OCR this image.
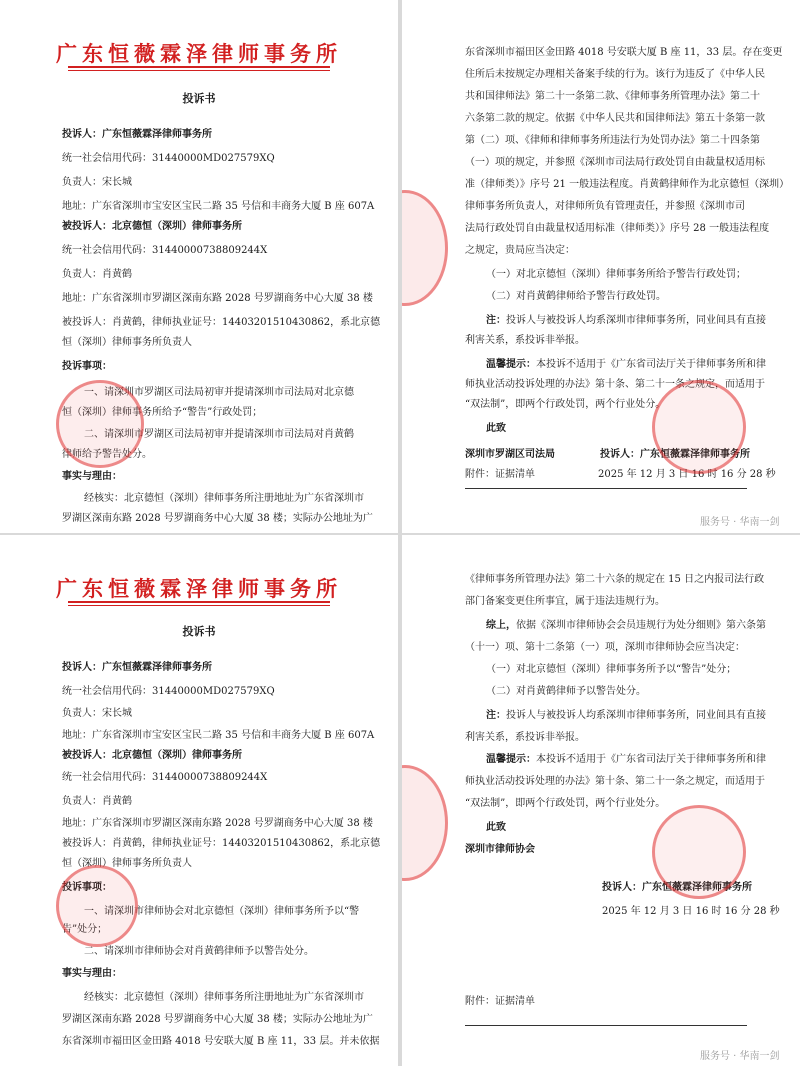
广东恒薇霖泽律师事务所
投诉书
投诉人：广东恒薇霖泽律师事务所
统一社会信用代码：31440000MD027579XQ
负责人：宋长城
地址：广东省深圳市宝安区宝民二路 35 号信和丰商务大厦 B 座 607A
被投诉人：北京德恒（深圳）律师事务所
统一社会信用代码：31440000738809244X
负责人：肖黄鹤
地址：广东省深圳市罗湖区深南东路 2028 号罗湖商务中心大厦 38 楼
被投诉人：肖黄鹤，律师执业证号：14403201510430862，系北京德
恒（深圳）律师事务所负责人
投诉事项：
一、请深圳市罗湖区司法局初审并提请深圳市司法局对北京德
恒（深圳）律师事务所给予“警告”行政处罚；
二、请深圳市罗湖区司法局初审并提请深圳市司法局对肖黄鹤
律师给予警告处分。
事实与理由：
经核实：北京德恒（深圳）律师事务所注册地址为广东省深圳市
罗湖区深南东路 2028 号罗湖商务中心大厦 38 楼；实际办公地址为广
东省深圳市福田区金田路 4018 号安联大厦 B 座 11，33 层。存在变更
住所后未按规定办理相关备案手续的行为。该行为违反了《中华人民
共和国律师法》第二十一条第二款、《律师事务所管理办法》第二十
六条第二款的规定。依据《中华人民共和国律师法》第五十条第一款
第（二）项、《律师和律师事务所违法行为处罚办法》第二十四条第
（一）项的规定，并参照《深圳市司法局行政处罚自由裁量权适用标
准（律师类）》序号 21 一般违法程度。肖黄鹤律师作为北京德恒（深圳）
律师事务所负责人，对律师所负有管理责任，并参照《深圳市司
法局行政处罚自由裁量权适用标准（律师类）》序号 28 一般违法程度
之规定，贵局应当决定：
（一）对北京德恒（深圳）律师事务所给予警告行政处罚；
（二）对肖黄鹤律师给予警告行政处罚。
注：投诉人与被投诉人均系深圳市律师事务所，同业间具有直接
利害关系，系投诉非举报。
温馨提示：本投诉不适用于《广东省司法厅关于律师事务所和律
师执业活动投诉处理的办法》第十条、第二十一条之规定，而适用于
“双法制”，即两个行政处罚，两个行业处分。
此致
深圳市罗湖区司法局	投诉人：广东恒薇霖泽律师事务所
附件：证据清单	2025 年 12 月 3 日 16 时 16 分 28 秒
服务号 · 华南一剑
广东恒薇霖泽律师事务所
投诉书
投诉人：广东恒薇霖泽律师事务所
统一社会信用代码：31440000MD027579XQ
负责人：宋长城
地址：广东省深圳市宝安区宝民二路 35 号信和丰商务大厦 B 座 607A
被投诉人：北京德恒（深圳）律师事务所
统一社会信用代码：31440000738809244X
负责人：肖黄鹤
地址：广东省深圳市罗湖区深南东路 2028 号罗湖商务中心大厦 38 楼
被投诉人：肖黄鹤，律师执业证号：14403201510430862，系北京德
恒（深圳）律师事务所负责人
投诉事项：
一、请深圳市律师协会对北京德恒（深圳）律师事务所予以“警
告”处分；
二、请深圳市律师协会对肖黄鹤律师予以警告处分。
事实与理由：
经核实：北京德恒（深圳）律师事务所注册地址为广东省深圳市
罗湖区深南东路 2028 号罗湖商务中心大厦 38 楼；实际办公地址为广
东省深圳市福田区金田路 4018 号安联大厦 B 座 11，33 层。并未依据
《律师事务所管理办法》第二十六条的规定在 15 日之内报司法行政
部门备案变更住所事宜，属于违法违规行为。
综上，依据《深圳市律师协会会员违规行为处分细则》第六条第
（十一）项、第十二条第（一）项，深圳市律师协会应当决定：
（一）对北京德恒（深圳）律师事务所予以“警告”处分；
（二）对肖黄鹤律师予以警告处分。
注：投诉人与被投诉人均系深圳市律师事务所，同业间具有直接
利害关系，系投诉非举报。
温馨提示：本投诉不适用于《广东省司法厅关于律师事务所和律
师执业活动投诉处理的办法》第十条、第二十一条之规定，而适用于
“双法制”，即两个行政处罚，两个行业处分。
此致
深圳市律师协会
投诉人：广东恒薇霖泽律师事务所
2025 年 12 月 3 日 16 时 16 分 28 秒
附件：证据清单
服务号 · 华南一剑
